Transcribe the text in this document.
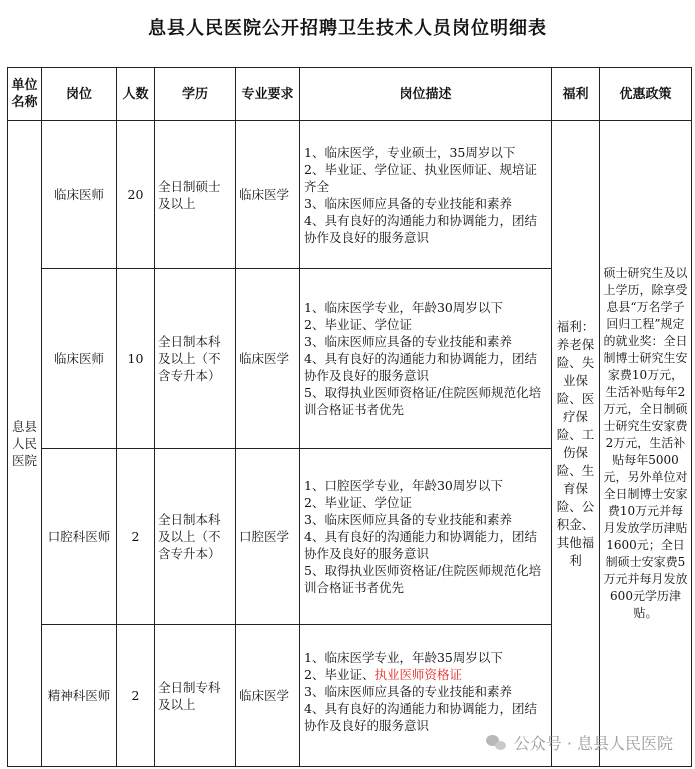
息县人民医院公开招聘卫生技术人员岗位明细表
单位名称	岗位	人数	学历	专业要求	岗位描述	福利	优惠政策
息县人民医院	临床医师	20	全日制硕士及以上	临床医学	1、临床医学，专业硕士，35周岁以下
2、毕业证、学位证、执业医师证、规培证齐全
3、临床医师应具备的专业技能和素养
4、具有良好的沟通能力和协调能力，团结协作及良好的服务意识	福利：养老保险、失业保险、医疗保险、工伤保险、生育保险、公积金、其他福利	硕士研究生及以上学历，除享受息县“万名学子回归工程”规定的就业奖：全日制博士研究生安家费10万元，生活补贴每年2万元，全日制硕士研究生安家费2万元，生活补贴每年5000元，另外单位对全日制博士安家费10万元并每月发放学历津贴1600元；全日制硕士安家费5万元并每月发放600元学历津贴。
	临床医师	10	全日制本科及以上（不含专升本）	临床医学	1、临床医学专业，年龄30周岁以下
2、毕业证、学位证
3、临床医师应具备的专业技能和素养
4、具有良好的沟通能力和协调能力，团结协作及良好的服务意识
5、取得执业医师资格证/住院医师规范化培训合格证书者优先		

	口腔科医师	2	全日制本科及以上（不含专升本）	口腔医学	1、口腔医学专业，年龄30周岁以下
2、毕业证、学位证
3、临床医师应具备的专业技能和素养
4、具有良好的沟通能力和协调能力，团结协作及良好的服务意识
5、取得执业医师资格证/住院医师规范化培训合格证书者优先		

	精神科医师	2	全日制专科及以上	临床医学	1、临床医学专业，年龄35周岁以下
2、毕业证、执业医师资格证
3、临床医师应具备的专业技能和素养
4、具有良好的沟通能力和协调能力，团结协作及良好的服务意识		
公众号 · 息县人民医院
